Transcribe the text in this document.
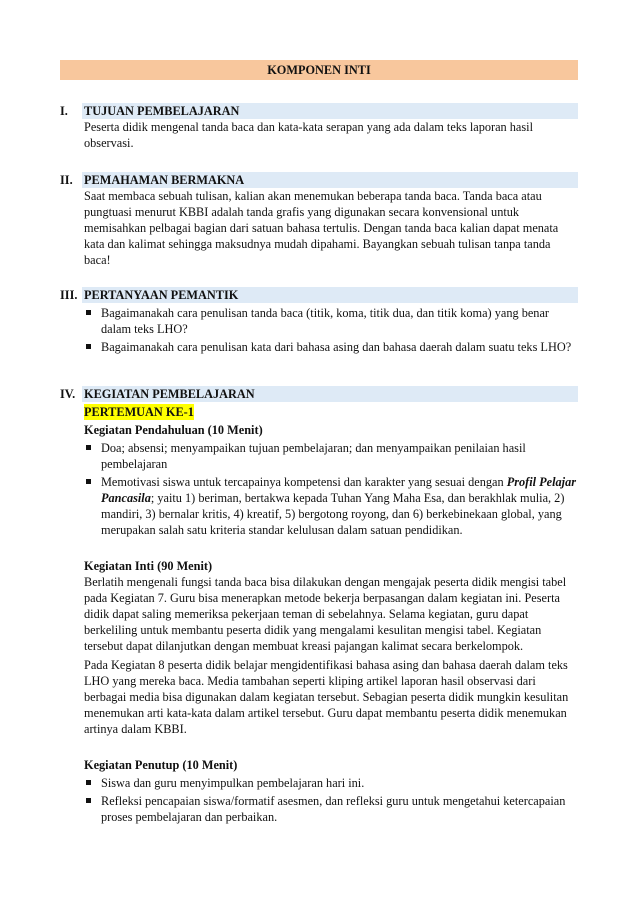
KOMPONEN INTI
I. TUJUAN PEMBELAJARAN

Peserta didik mengenal tanda baca dan kata-kata serapan yang ada dalam teks laporan hasil observasi.

II. PEMAHAMAN BERMAKNA

Saat membaca sebuah tulisan, kalian akan menemukan beberapa tanda baca. Tanda baca atau pungtuasi menurut KBBI adalah tanda grafis yang digunakan secara konvensional untuk memisahkan pelbagai bagian dari satuan bahasa tertulis. Dengan tanda baca kalian dapat menata kata dan kalimat sehingga maksudnya mudah dipahami. Bayangkan sebuah tulisan tanpa tanda baca!

III. PERTANYAAN PEMANTIK
Bagaimanakah cara penulisan tanda baca (titik, koma, titik dua, dan titik koma) yang benar dalam teks LHO?
Bagaimanakah cara penulisan kata dari bahasa asing dan bahasa daerah dalam suatu teks LHO?
IV. KEGIATAN PEMBELAJARAN
PERTEMUAN KE-1
Kegiatan Pendahuluan (10 Menit)
Doa; absensi; menyampaikan tujuan pembelajaran; dan menyampaikan penilaian hasil pembelajaran
Memotivasi siswa untuk tercapainya kompetensi dan karakter yang sesuai dengan Profil Pelajar Pancasila; yaitu 1) beriman, bertakwa kepada Tuhan Yang Maha Esa, dan berakhlak mulia, 2) mandiri, 3) bernalar kritis, 4) kreatif, 5) bergotong royong, dan 6) berkebinekaan global, yang merupakan salah satu kriteria standar kelulusan dalam satuan pendidikan.
Kegiatan Inti (90 Menit)

Berlatih mengenali fungsi tanda baca bisa dilakukan dengan mengajak peserta didik mengisi tabel pada Kegiatan 7. Guru bisa menerapkan metode bekerja berpasangan dalam kegiatan ini. Peserta didik dapat saling memeriksa pekerjaan teman di sebelahnya. Selama kegiatan, guru dapat berkeliling untuk membantu peserta didik yang mengalami kesulitan mengisi tabel. Kegiatan tersebut dapat dilanjutkan dengan membuat kreasi pajangan kalimat secara berkelompok.

Pada Kegiatan 8 peserta didik belajar mengidentifikasi bahasa asing dan bahasa daerah dalam teks LHO yang mereka baca. Media tambahan seperti kliping artikel laporan hasil observasi dari berbagai media bisa digunakan dalam kegiatan tersebut. Sebagian peserta didik mungkin kesulitan menemukan arti kata-kata dalam artikel tersebut. Guru dapat membantu peserta didik menemukan artinya dalam KBBI.

Kegiatan Penutup (10 Menit)
Siswa dan guru menyimpulkan pembelajaran hari ini.
Refleksi pencapaian siswa/formatif asesmen, dan refleksi guru untuk mengetahui ketercapaian proses pembelajaran dan perbaikan.
